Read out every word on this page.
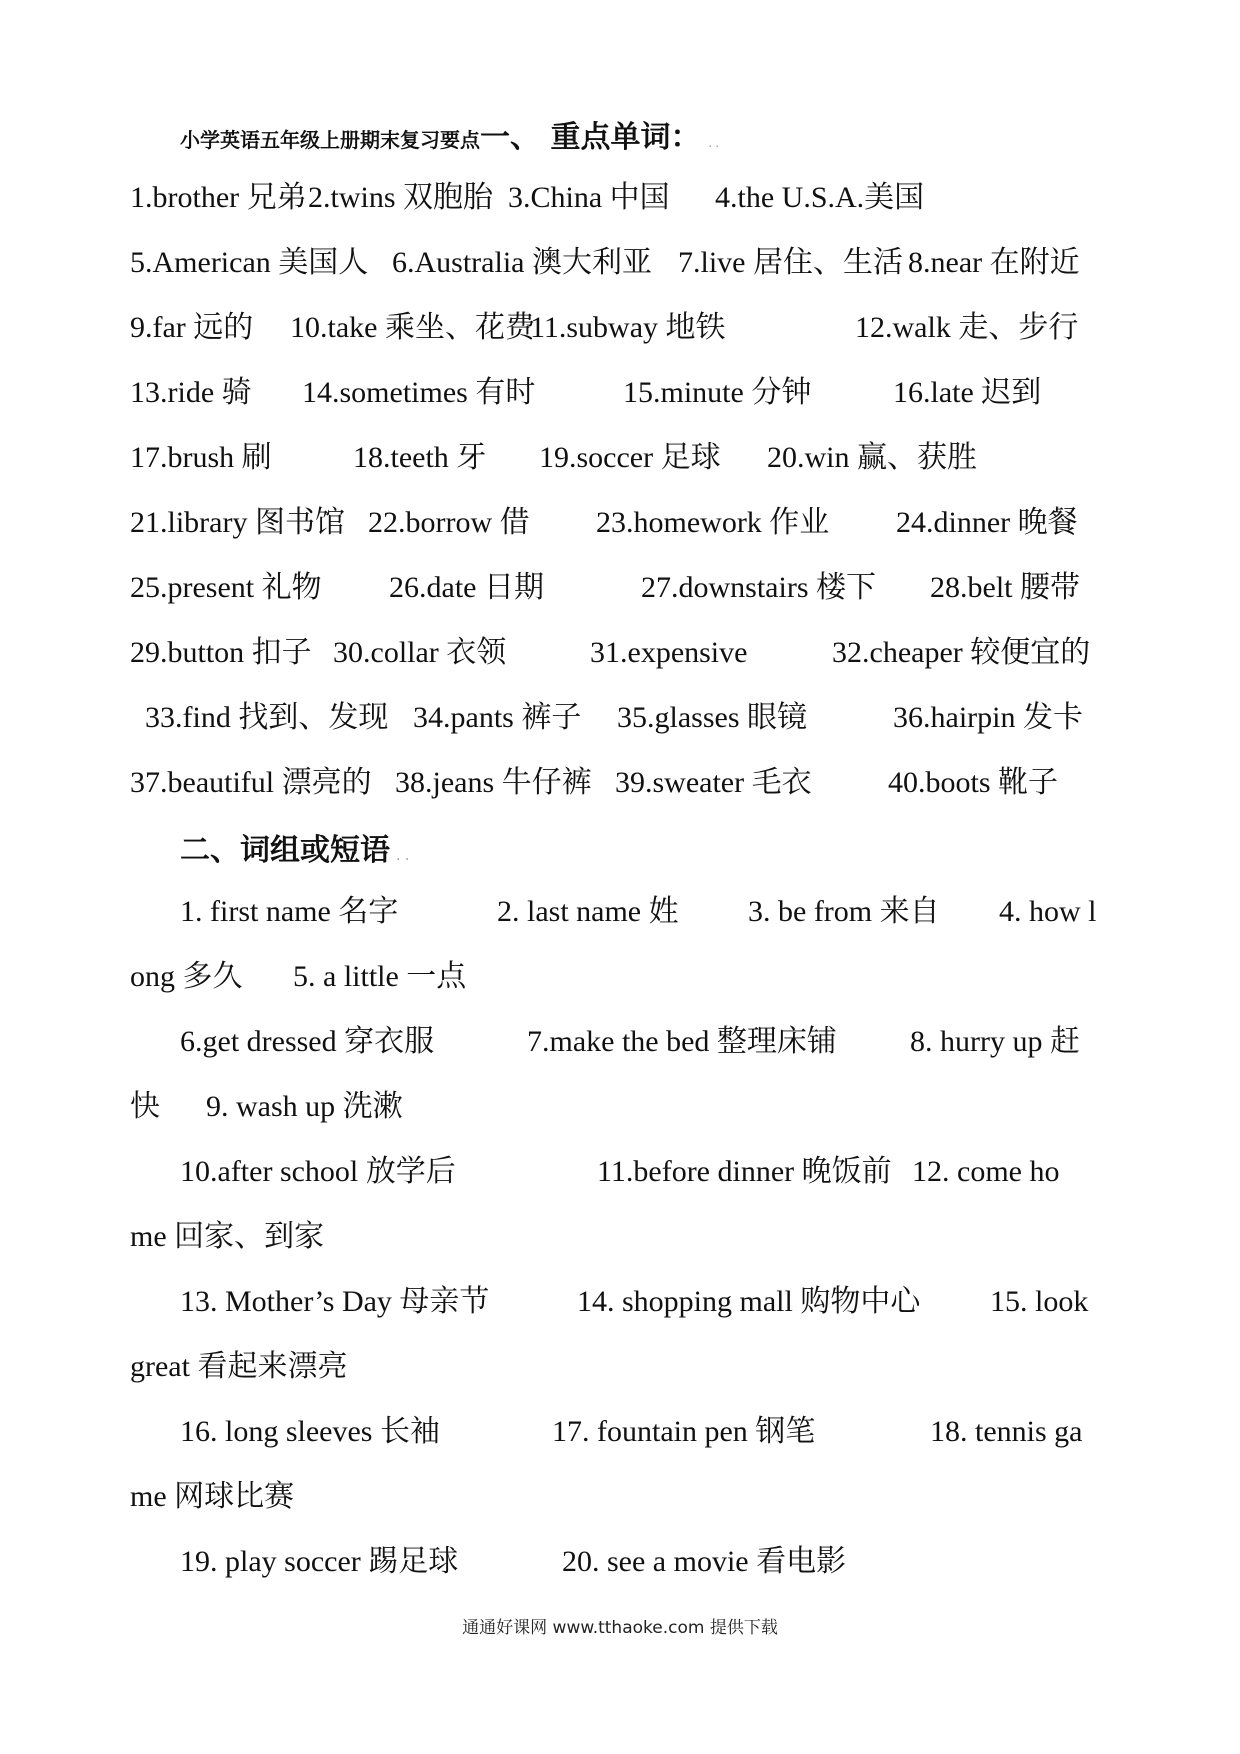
小学英语五年级上册期末复习要点一、 重点单词： . .
1.brother 兄弟 2.twins 双胞胎 3.China 中国 4.the U.S.A.美国
5.American 美国人 6.Australia 澳大利亚 7.live 居住、生活 8.near 在附近
9.far 远的 10.take 乘坐、花费
11.subway 地铁	12.walk 走、步行
13.ride 骑 14.sometimes 有时	15.minute 分钟	16.late 迟到
17.brush 刷	18.teeth 牙 19.soccer 足球 20.win 赢、获胜
21.library 图书馆 22.borrow 借 23.homework 作业 24.dinner 晚餐
25.present 礼物 26.date 日期	27.downstairs 楼下 28.belt 腰带
29.button 扣子 30.collar 衣领	31.expensive	32.cheaper 较便宜的
33.find 找到、发现 34.pants 裤子 35.glasses 眼镜	36.hairpin 发卡
37.beautiful 漂亮的 38.jeans 牛仔裤 39.sweater 毛衣	40.boots 靴子
二、词组或短语 . .
1. first name 名字	2. last name 姓 3. be from 来自 4. how l
ong 多久 5. a little 一点
6.get dressed 穿衣服	7.make the bed 整理床铺 8. hurry up 赶
快 9. wash up 洗漱
10.after school 放学后	11.before dinner 晚饭前 12. come ho
me 回家、到家
13. Mother’s Day 母亲节	14. shopping mall 购物中心 15. look
great 看起来漂亮
16. long sleeves 长袖	17. fountain pen 钢笔	18. tennis ga
me 网球比赛
19. play soccer 踢足球	20. see a movie 看电影
通通好课网 www.tthaoke.com 提供下载
